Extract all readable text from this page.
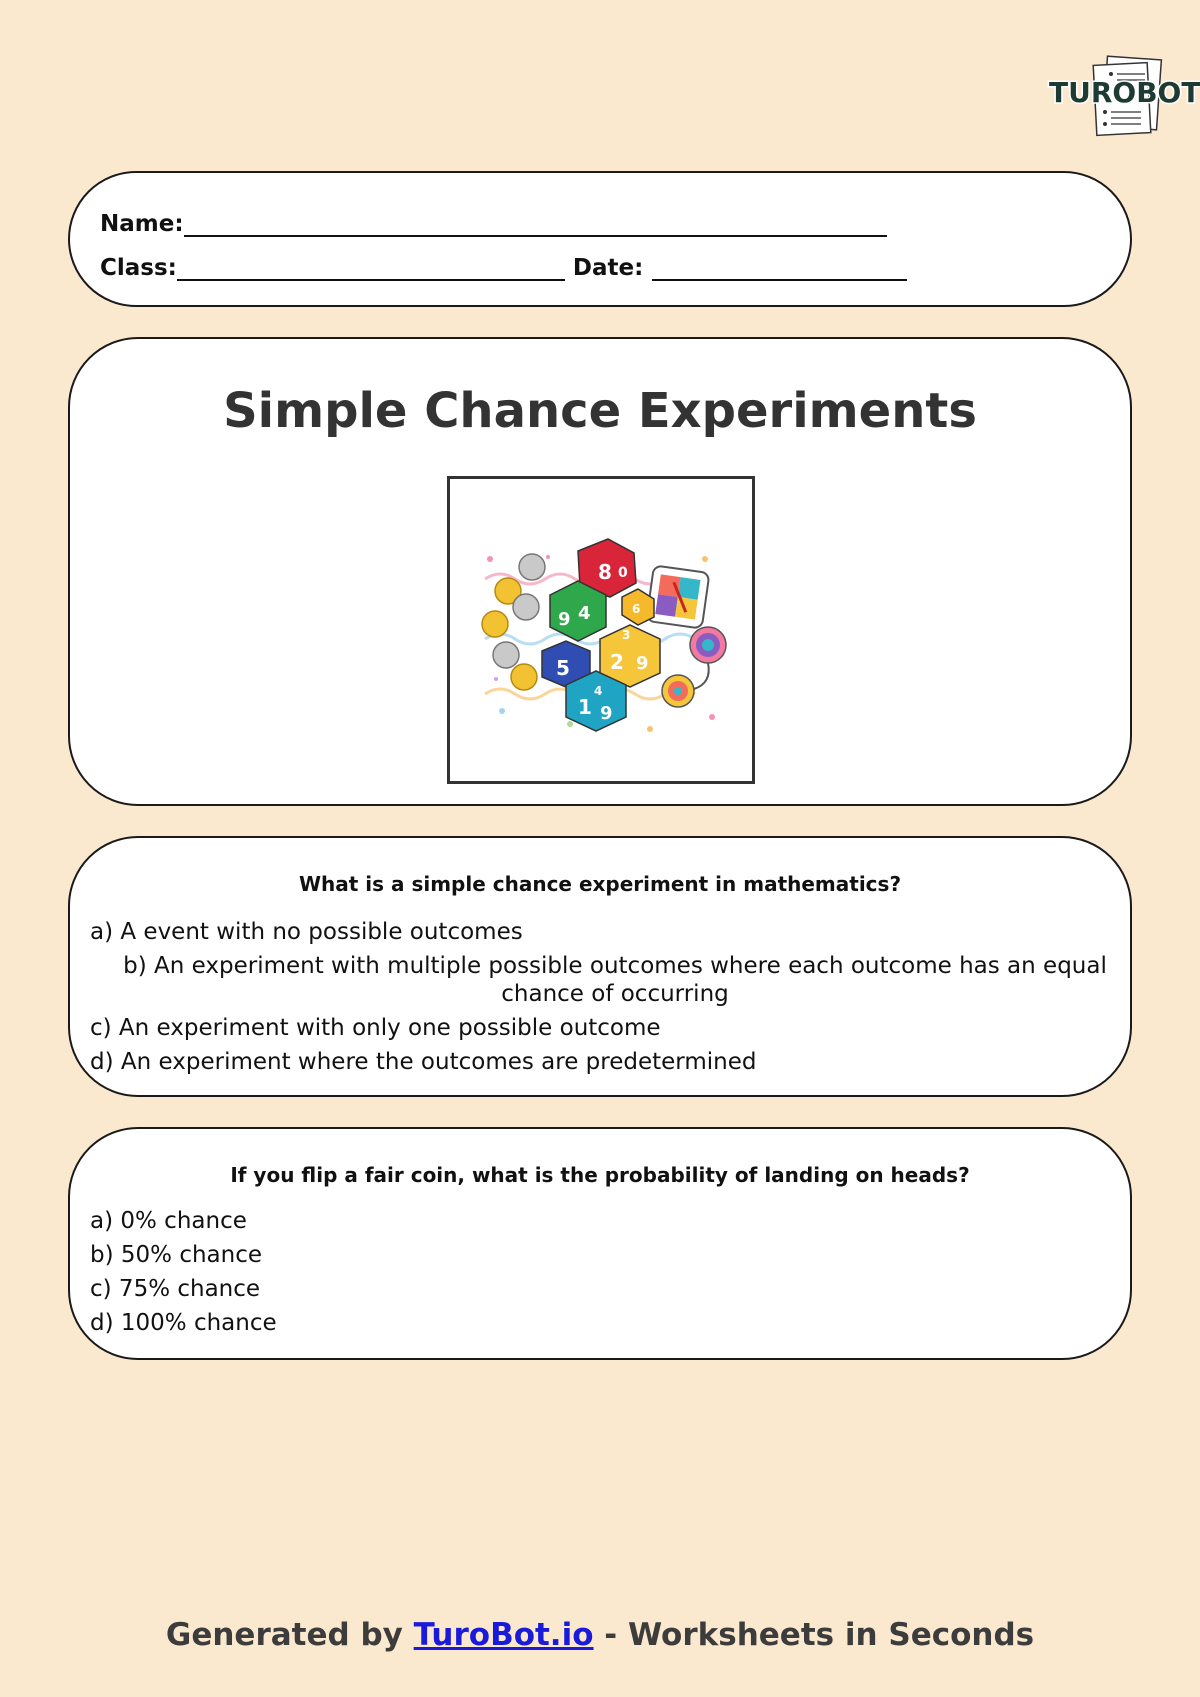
TUROBOT
Name:
Class:	Date:
Simple Chance Experiments
8 0
9 4	6
3
2 9
5
1 9
4

What is a simple chance experiment in mathematics?

a) A event with no possible outcomes

b) An experiment with multiple possible outcomes where each outcome has an equal chance of occurring

c) An experiment with only one possible outcome

d) An experiment where the outcomes are predetermined

If you flip a fair coin, what is the probability of landing on heads?

a) 0% chance

b) 50% chance

c) 75% chance

d) 100% chance

Generated by TuroBot.io - Worksheets in Seconds
